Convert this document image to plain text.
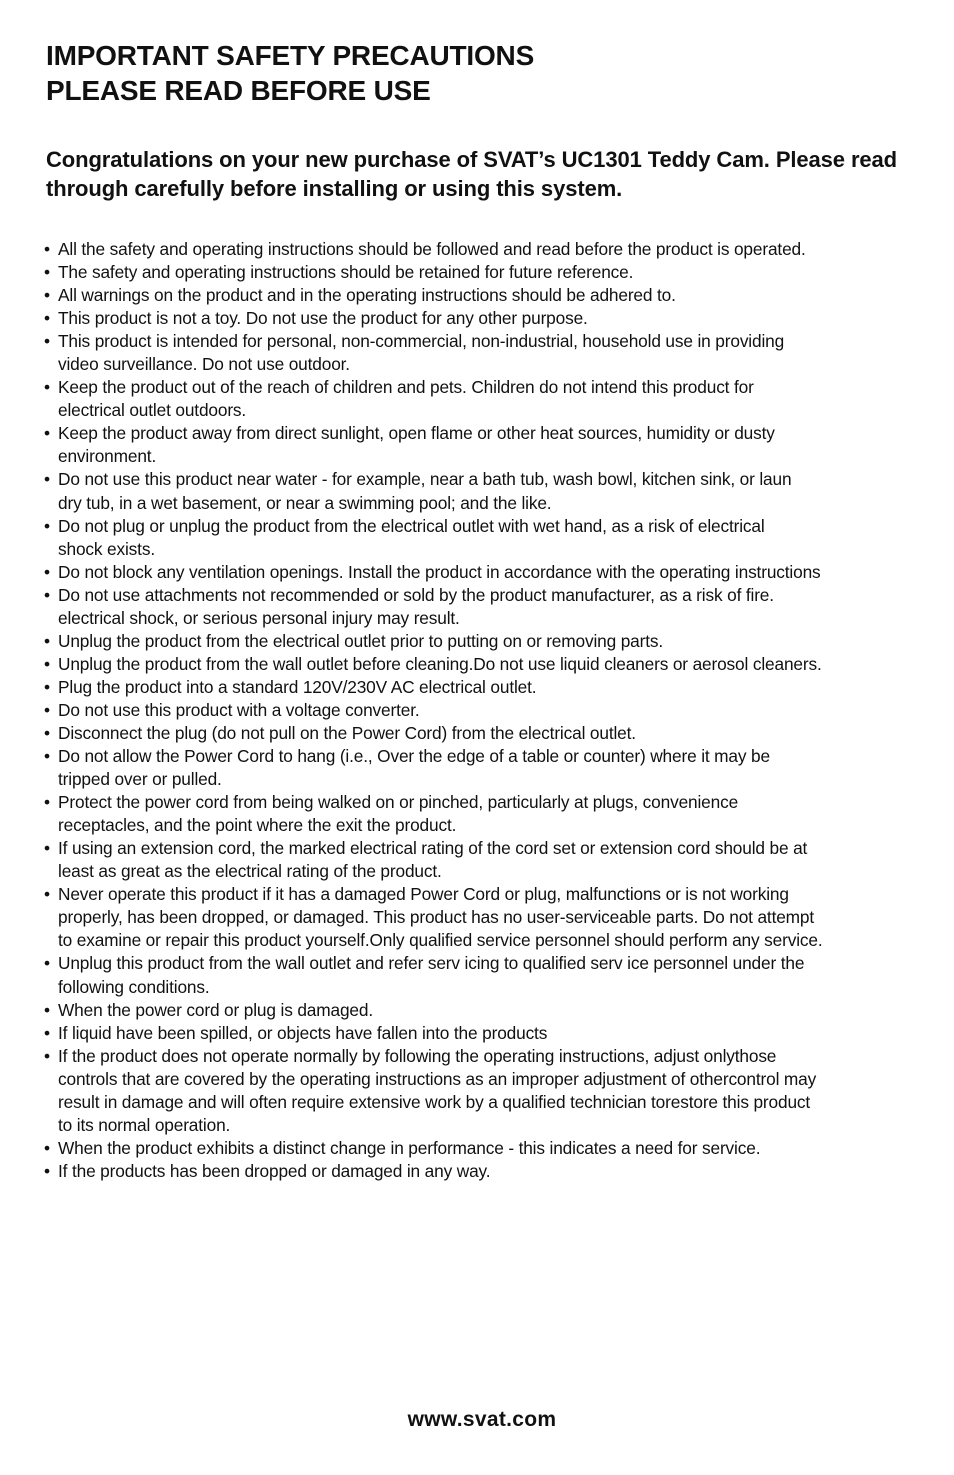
IMPORTANT SAFETY PRECAUTIONS
PLEASE READ BEFORE USE

Congratulations on your new purchase of SVAT’s UC1301 Teddy Cam. Please read through carefully before installing or using this system.

• All the safety and operating instructions should be followed and read before the product is operated.
• The safety and operating instructions should be retained for future reference.
• All warnings on the product and in the operating instructions should be adhered to.
• This product is not a toy. Do not use the product for any other purpose.
• This product is intended for personal, non-commercial, non-industrial, household use in providing
video surveillance. Do not use outdoor.
• Keep the product out of the reach of children and pets. Children do not intend this product for
electrical outlet outdoors.
• Keep the product away from direct sunlight, open flame or other heat sources, humidity or dusty
environment.
• Do not use this product near water - for example, near a bath tub, wash bowl, kitchen sink, or laun
dry tub, in a wet basement, or near a swimming pool; and the like.
• Do not plug or unplug the product from the electrical outlet with wet hand, as a risk of electrical
shock exists.
• Do not block any ventilation openings. Install the product in accordance with the operating instructions
• Do not use attachments not recommended or sold by the product manufacturer, as a risk of fire.
electrical shock, or serious personal injury may result.
• Unplug the product from the electrical outlet prior to putting on or removing parts.
• Unplug the product from the wall outlet before cleaning.Do not use liquid cleaners or aerosol cleaners.
• Plug the product into a standard 120V/230V AC electrical outlet.
• Do not use this product with a voltage converter.
• Disconnect the plug (do not pull on the Power Cord) from the electrical outlet.
• Do not allow the Power Cord to hang (i.e., Over the edge of a table or counter) where it may be
tripped over or pulled.
• Protect the power cord from being walked on or pinched, particularly at plugs, convenience
receptacles, and the point where the exit the product.
• If using an extension cord, the marked electrical rating of the cord set or extension cord should be at
least as great as the electrical rating of the product.
• Never operate this product if it has a damaged Power Cord or plug, malfunctions or is not working
properly, has been dropped, or damaged. This product has no user-serviceable parts. Do not attempt
to examine or repair this product yourself.Only qualified service personnel should perform any service.
• Unplug this product from the wall outlet and refer serv icing to qualified serv ice personnel under the
following conditions.
• When the power cord or plug is damaged.
• If liquid have been spilled, or objects have fallen into the products
• If the product does not operate normally by following the operating instructions, adjust onlythose
controls that are covered by the operating instructions as an improper adjustment of othercontrol may
result in damage and will often require extensive work by a qualified technician torestore this product
to its normal operation.
• When the product exhibits a distinct change in performance - this indicates a need for service.
• If the products has been dropped or damaged in any way.

www.svat.com
